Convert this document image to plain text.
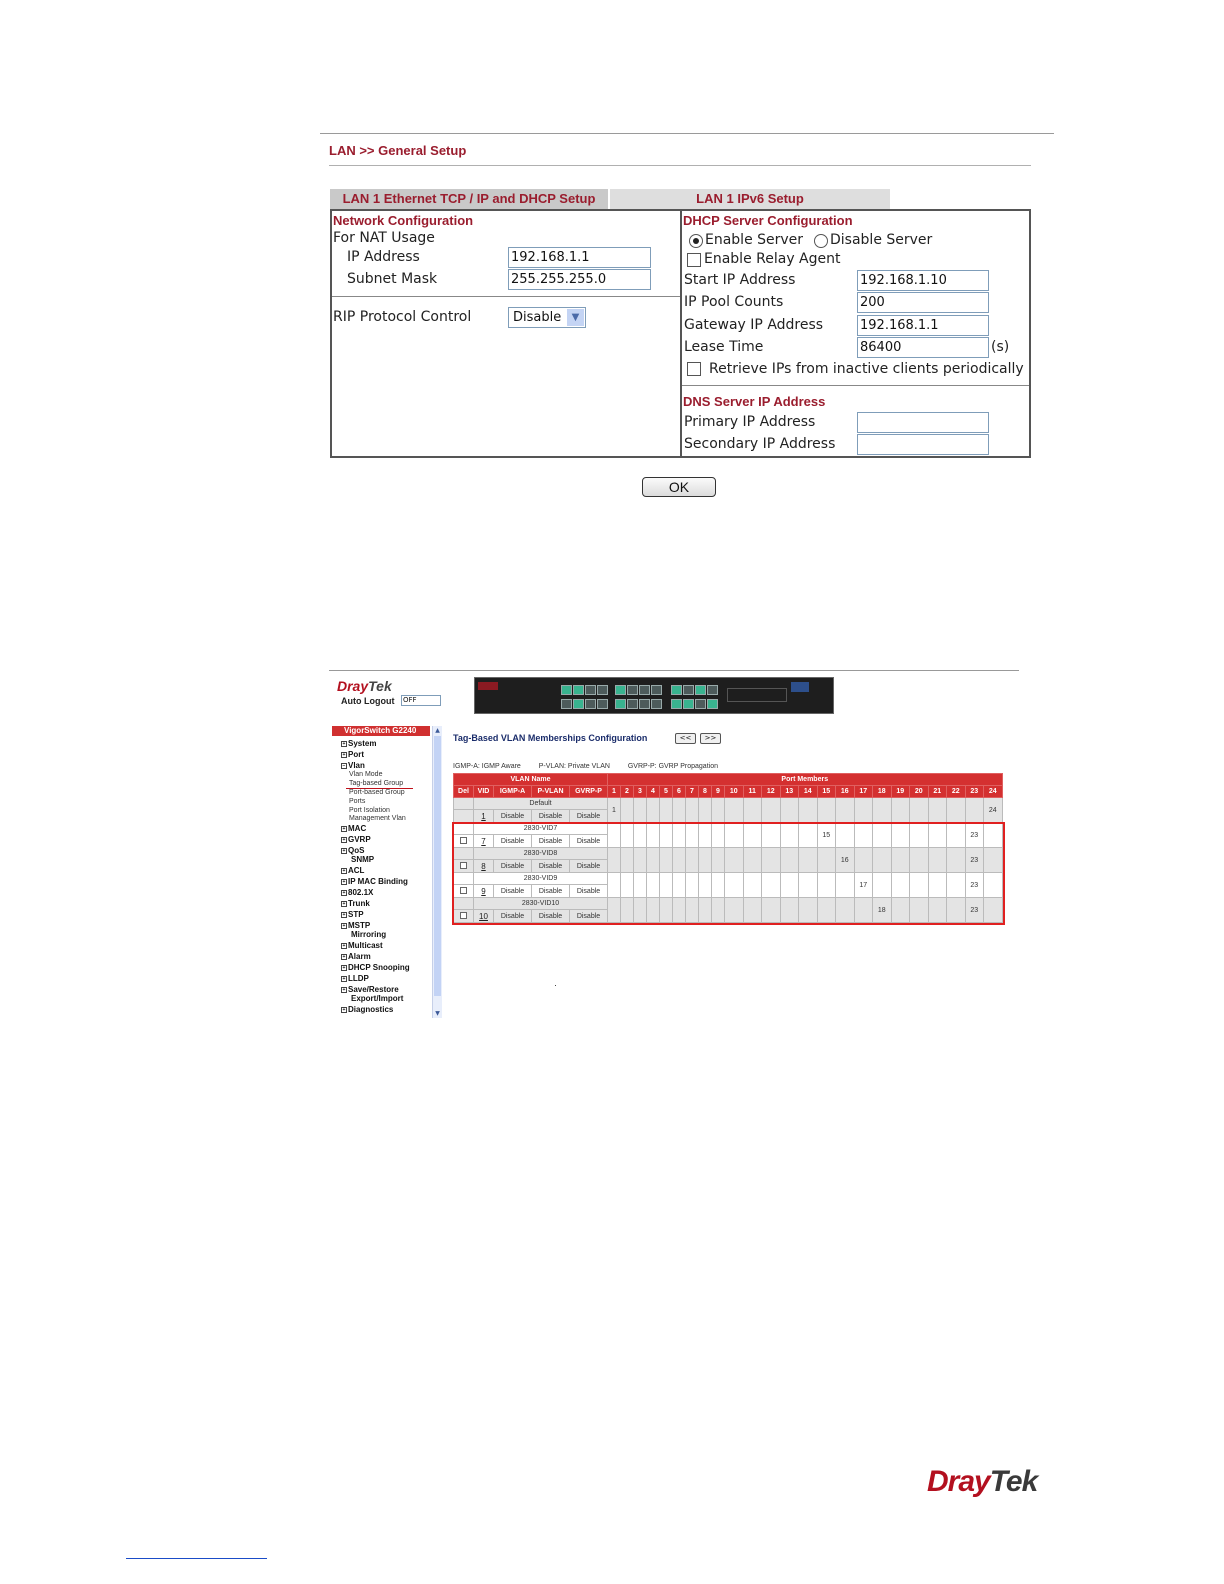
LAN >> General Setup
LAN 1 Ethernet TCP / IP and DHCP Setup	LAN 1 IPv6 Setup
Network Configuration
For NAT Usage
IP Address	192.168.1.1
Subnet Mask	255.255.255.0
RIP Protocol Control	Disable	▼
DHCP Server Configuration
Enable Server Disable Server
Enable Relay Agent
Start IP Address	192.168.1.10
IP Pool Counts	200
Gateway IP Address	192.168.1.1
Lease Time	86400	(s)
Retrieve IPs from inactive clients periodically
DNS Server IP Address
Primary IP Address
Secondary IP Address
OK
DrayTek
Auto Logout OFF
VigorSwitch G2240
+ System
+ Port
− Vlan
Vlan Mode
Tag-based Group
Port-based Group
Ports
Port Isolation
Management Vlan
+ MAC
+ GVRP
+ QoS
SNMP
+ ACL
+ IP MAC Binding
+ 802.1X
+ Trunk
+ STP
+ MSTP
Mirroring
+ Multicast
+ Alarm
+ DHCP Snooping
+ LLDP
+ Save/Restore
Export/Import
+ Diagnostics
▲
▼
Tag-Based VLAN Memberships Configuration	<<	>>
IGMP-A: IGMP Aware	P-VLAN: Private VLAN	GVRP-P: GVRP Propagation
VLAN Name					Port Members																							
Del	VID	IGMP-A	P-VLAN	GVRP-P	1	2	3	4	5	6	7	8	9	10	11	12	13	14	15	16	17	18	19	20	21	22	23	24
	Default				1																							24
	1	Disable	Disable	Disable																								
	2830-VID7																		15								23	
	7	Disable	Disable	Disable																								
	2830-VID8																			16							23	
	8	Disable	Disable	Disable																								
	2830-VID9																				17						23	
	9	Disable	Disable	Disable																								
	2830-VID10																					18					23	
	10	Disable	Disable	Disable																								
DrayTek
